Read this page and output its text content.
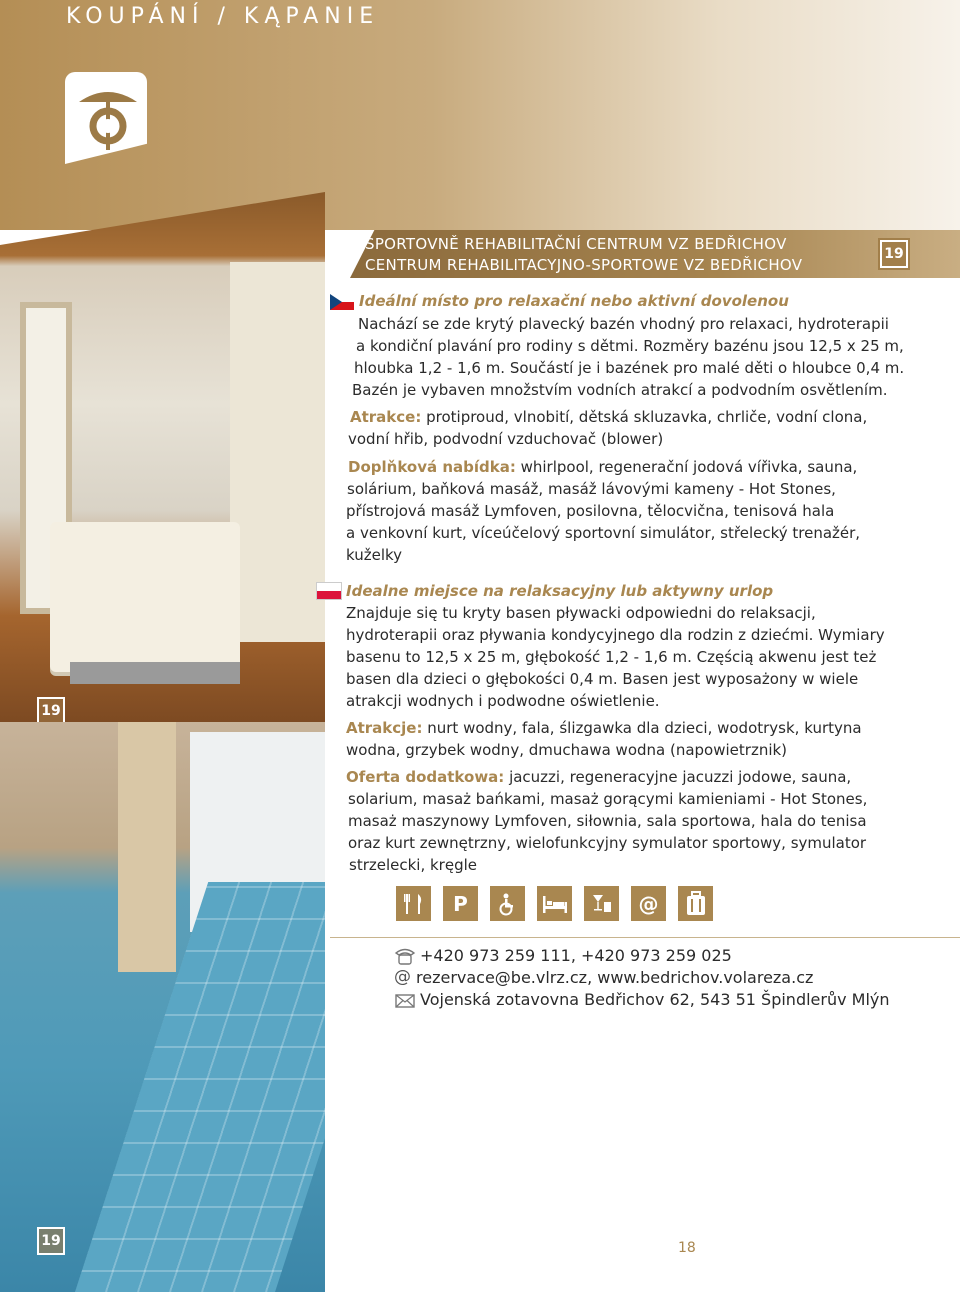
KOUPÁNÍ / KĄPANIE
19
19
SPORTOVNĚ REHABILITAČNÍ CENTRUM VZ BEDŘICHOV
CENTRUM REHABILITACYJNO-SPORTOWE VZ BEDŘICHOV
19
Ideální místo pro relaxační nebo aktivní dovolenou
Nachází se zde krytý plavecký bazén vhodný pro relaxaci, hydroterapii
a kondiční plavání pro rodiny s dětmi. Rozměry bazénu jsou 12,5 x 25 m,
hloubka 1,2 - 1,6 m. Součástí je i bazének pro malé děti o hloubce 0,4 m.
Bazén je vybaven množstvím vodních atrakcí a podvodním osvětlením.
Atrakce: protiproud, vlnobití, dětská skluzavka, chrliče, vodní clona,
vodní hřib, podvodní vzduchovač (blower)
Doplňková nabídka: whirlpool, regenerační jodová vířivka, sauna,
solárium, baňková masáž, masáž lávovými kameny - Hot Stones,
přístrojová masáž Lymfoven, posilovna, tělocvična, tenisová hala
a venkovní kurt, víceúčelový sportovní simulátor, střelecký trenažér,
kuželky
Idealne miejsce na relaksacyjny lub aktywny urlop
Znajduje się tu kryty basen pływacki odpowiedni do relaksacji,
hydroterapii oraz pływania kondycyjnego dla rodzin z dziećmi. Wymiary
basenu to 12,5 x 25 m, głębokość 1,2 - 1,6 m. Częścią akwenu jest też
basen dla dzieci o głębokości 0,4 m. Basen jest wyposażony w wiele
atrakcji wodnych i podwodne oświetlenie.
Atrakcje: nurt wodny, fala, ślizgawka dla dzieci, wodotrysk, kurtyna
wodna, grzybek wodny, dmuchawa wodna (napowietrznik)
Oferta dodatkowa: jacuzzi, regeneracyjne jacuzzi jodowe, sauna,
solarium, masaż bańkami, masaż gorącymi kamieniami - Hot Stones,
masaż maszynowy Lymfoven, siłownia, sala sportowa, hala do tenisa
oraz kurt zewnętrzny, wielofunkcyjny symulator sportowy, symulator
strzelecki, kręgle
P	@
+420 973 259 111, +420 973 259 025
@ rezervace@be.vlrz.cz, www.bedrichov.volareza.cz
Vojenská zotavovna Bedřichov 62, 543 51 Špindlerův Mlýn
18
